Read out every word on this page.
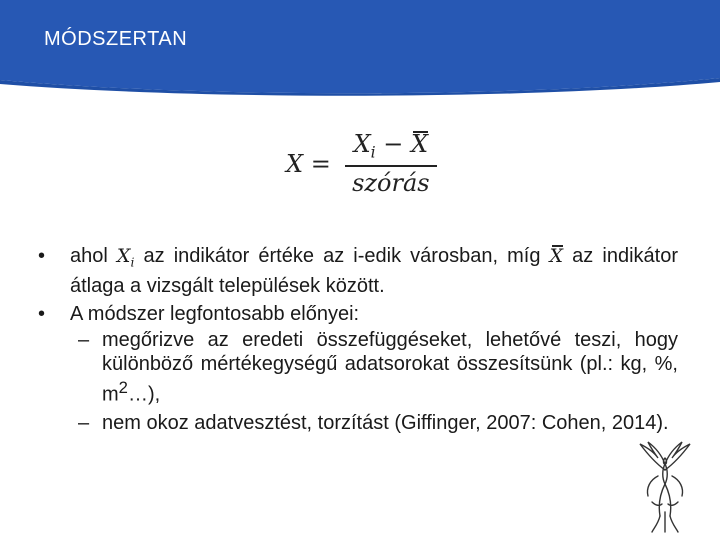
MÓDSZERTAN
$X = \frac{X_i - X}{\text{szórás}}$
• ahol $X_i$ az indikátor értéke az i-edik városban, míg X az indikátor átlaga a vizsgált települések között.
• A módszer legfontosabb előnyei:
– megőrizve az eredeti összefüggéseket, lehetővé teszi, hogy különböző mértékegységű adatsorokat összesítsünk (pl.: kg, %, $m^2\dots$),
– nem okoz adatvesztést, torzítást (Giffinger, 2007: Cohen, 2014).
